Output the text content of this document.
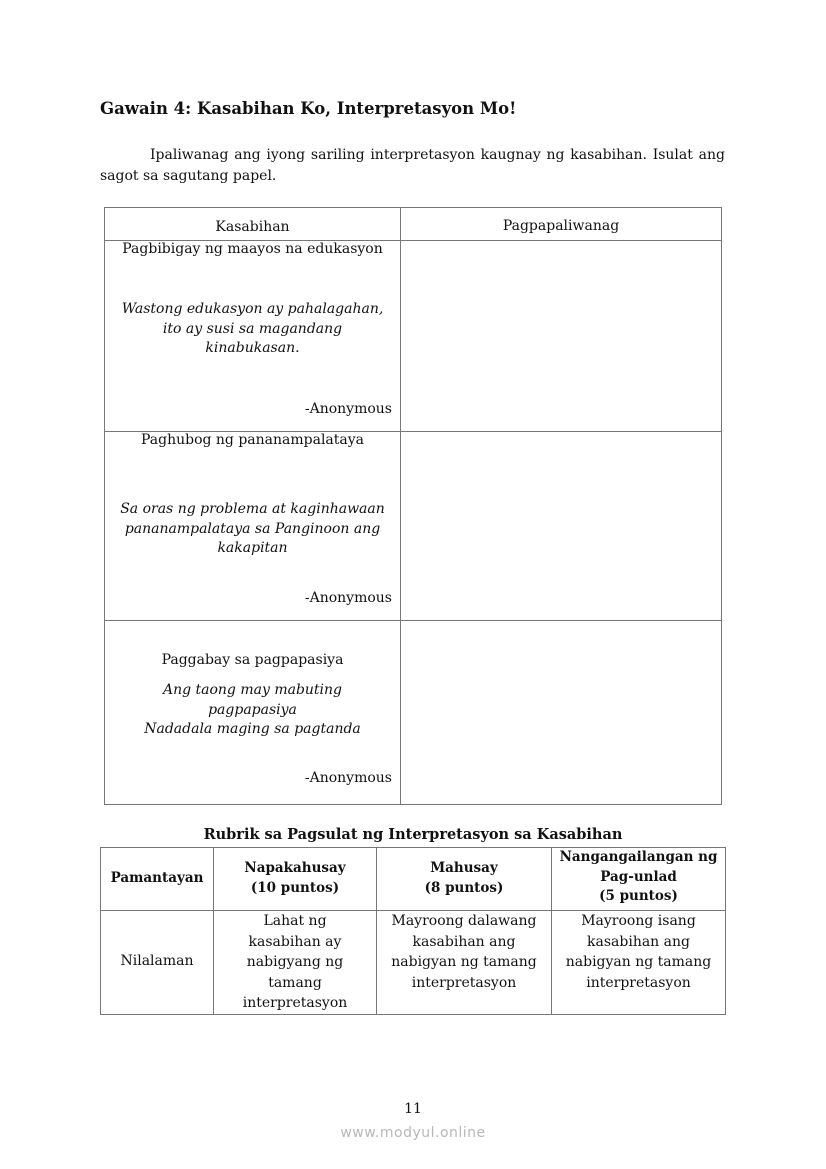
Gawain 4: Kasabihan Ko, Interpretasyon Mo!
Ipaliwanag ang iyong sariling interpretasyon kaugnay ng kasabihan. Isulat ang sagot sa sagutang papel.
Kasabihan	Pagpapaliwanag
Pagbibigay ng maayos na edukasyon
Wastong edukasyon ay pahalagahan,
ito ay susi sa magandang
kinabukasan.
-Anonymous
Paghubog ng pananampalataya
Sa oras ng problema at kaginhawaan
pananampalataya sa Panginoon ang
kakapitan
-Anonymous
Paggabay sa pagpapasiya
Ang taong may mabuting
pagpapasiya
Nadadala maging sa pagtanda
-Anonymous
Rubrik sa Pagsulat ng Interpretasyon sa Kasabihan
Pamantayan
Napakahusay
(10 puntos)
Mahusay
(8 puntos)
Nangangailangan ng
Pag-unlad
(5 puntos)
Nilalaman
Lahat ng
kasabihan ay
nabigyang ng
tamang
interpretasyon
Mayroong dalawang
kasabihan ang
nabigyan ng tamang
interpretasyon
Mayroong isang
kasabihan ang
nabigyan ng tamang
interpretasyon
11
www.modyul.online
